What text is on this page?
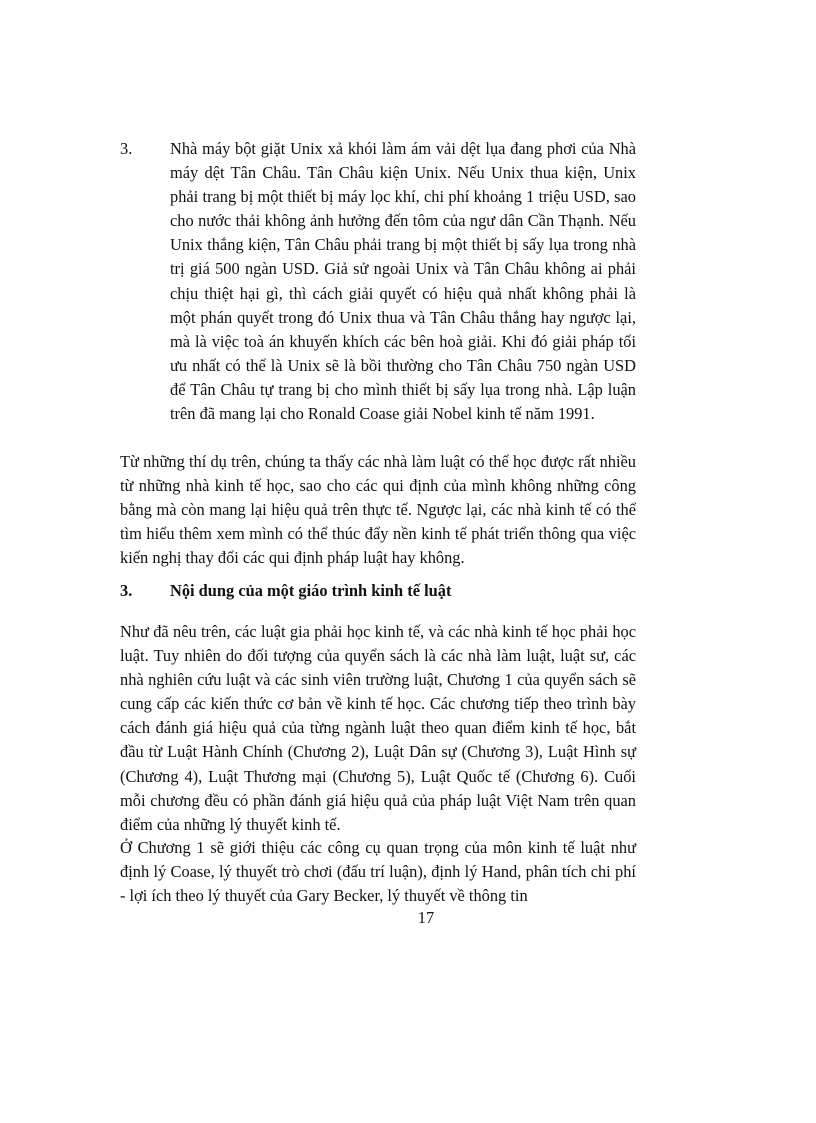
3. Nhà máy bột giặt Unix xả khói làm ám vải dệt lụa đang phơi của Nhà máy dệt Tân Châu. Tân Châu kiện Unix. Nếu Unix thua kiện, Unix phải trang bị một thiết bị máy lọc khí, chi phí khoảng 1 triệu USD, sao cho nước thải không ảnh hưởng đến tôm của ngư dân Cần Thạnh. Nếu Unix thắng kiện, Tân Châu phải trang bị một thiết bị sấy lụa trong nhà trị giá 500 ngàn USD. Giả sử ngoài Unix và Tân Châu không ai phải chịu thiệt hại gì, thì cách giải quyết có hiệu quả nhất không phải là một phán quyết trong đó Unix thua và Tân Châu thắng hay ngược lại, mà là việc toà án khuyến khích các bên hoà giải. Khi đó giải pháp tối ưu nhất có thể là Unix sẽ là bồi thường cho Tân Châu 750 ngàn USD để Tân Châu tự trang bị cho mình thiết bị sấy lụa trong nhà. Lập luận trên đã mang lại cho Ronald Coase giải Nobel kinh tế năm 1991.

Từ những thí dụ trên, chúng ta thấy các nhà làm luật có thể học được rất nhiều từ những nhà kinh tế học, sao cho các qui định của mình không những công bằng mà còn mang lại hiệu quả trên thực tế. Ngược lại, các nhà kinh tế có thể tìm hiểu thêm xem mình có thể thúc đẩy nền kinh tế phát triển thông qua việc kiến nghị thay đổi các qui định pháp luật hay không.

3. Nội dung của một giáo trình kinh tế luật

Như đã nêu trên, các luật gia phải học kinh tế, và các nhà kinh tế học phải học luật. Tuy nhiên do đối tượng của quyển sách là các nhà làm luật, luật sư, các nhà nghiên cứu luật và các sinh viên trường luật, Chương 1 của quyển sách sẽ cung cấp các kiến thức cơ bản về kinh tế học. Các chương tiếp theo trình bày cách đánh giá hiệu quả của từng ngành luật theo quan điểm kinh tế học, bắt đầu từ Luật Hành Chính (Chương 2), Luật Dân sự (Chương 3), Luật Hình sự (Chương 4), Luật Thương mại (Chương 5), Luật Quốc tế (Chương 6). Cuối mỗi chương đều có phần đánh giá hiệu quả của pháp luật Việt Nam trên quan điểm của những lý thuyết kinh tế.

Ở Chương 1 sẽ giới thiệu các công cụ quan trọng của môn kinh tế luật như định lý Coase, lý thuyết trò chơi (đấu trí luận), định lý Hand, phân tích chi phí - lợi ích theo lý thuyết của Gary Becker, lý thuyết về thông tin

17
